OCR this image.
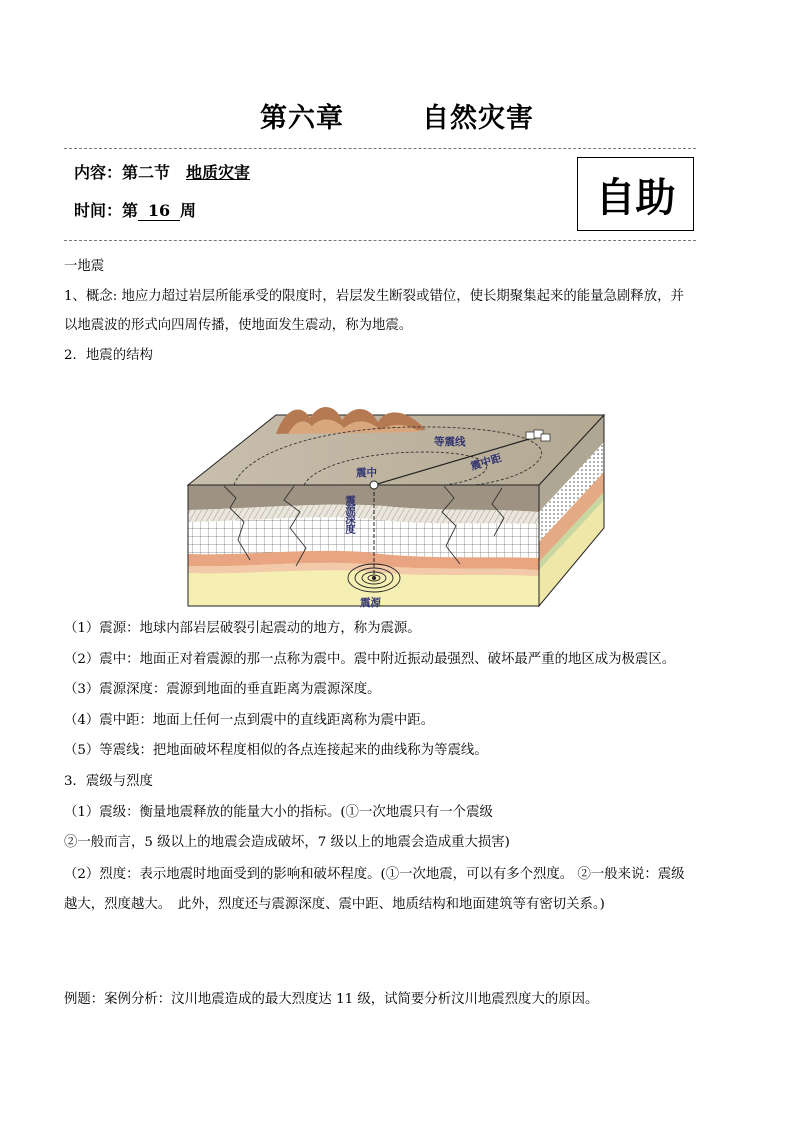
第六章	自然灾害
内容：第二节　 地质灾害
时间：第 16 周	自助
一地震
1、概念: 地应力超过岩层所能承受的限度时，岩层发生断裂或错位，使长期聚集起来的能量急剧释放，并
以地震波的形式向四周传播，使地面发生震动，称为地震。
2．地震的结构
等震线
震中距
震中
震源深度
震源
（1）震源：地球内部岩层破裂引起震动的地方，称为震源。
（2）震中：地面正对着震源的那一点称为震中。震中附近振动最强烈、破坏最严重的地区成为极震区。
（3）震源深度：震源到地面的垂直距离为震源深度。
（4）震中距：地面上任何一点到震中的直线距离称为震中距。
（5）等震线：把地面破坏程度相似的各点连接起来的曲线称为等震线。
3．震级与烈度
（1）震级：衡量地震释放的能量大小的指标。(①一次地震只有一个震级
②一般而言，5 级以上的地震会造成破坏，7 级以上的地震会造成重大损害)
（2）烈度：表示地震时地面受到的影响和破坏程度。(①一次地震，可以有多个烈度。 ②一般来说：震级
越大，烈度越大。　此外，烈度还与震源深度、震中距、地质结构和地面建筑等有密切关系。)
例题：案例分析：汶川地震造成的最大烈度达 11 级，试简要分析汶川地震烈度大的原因。
